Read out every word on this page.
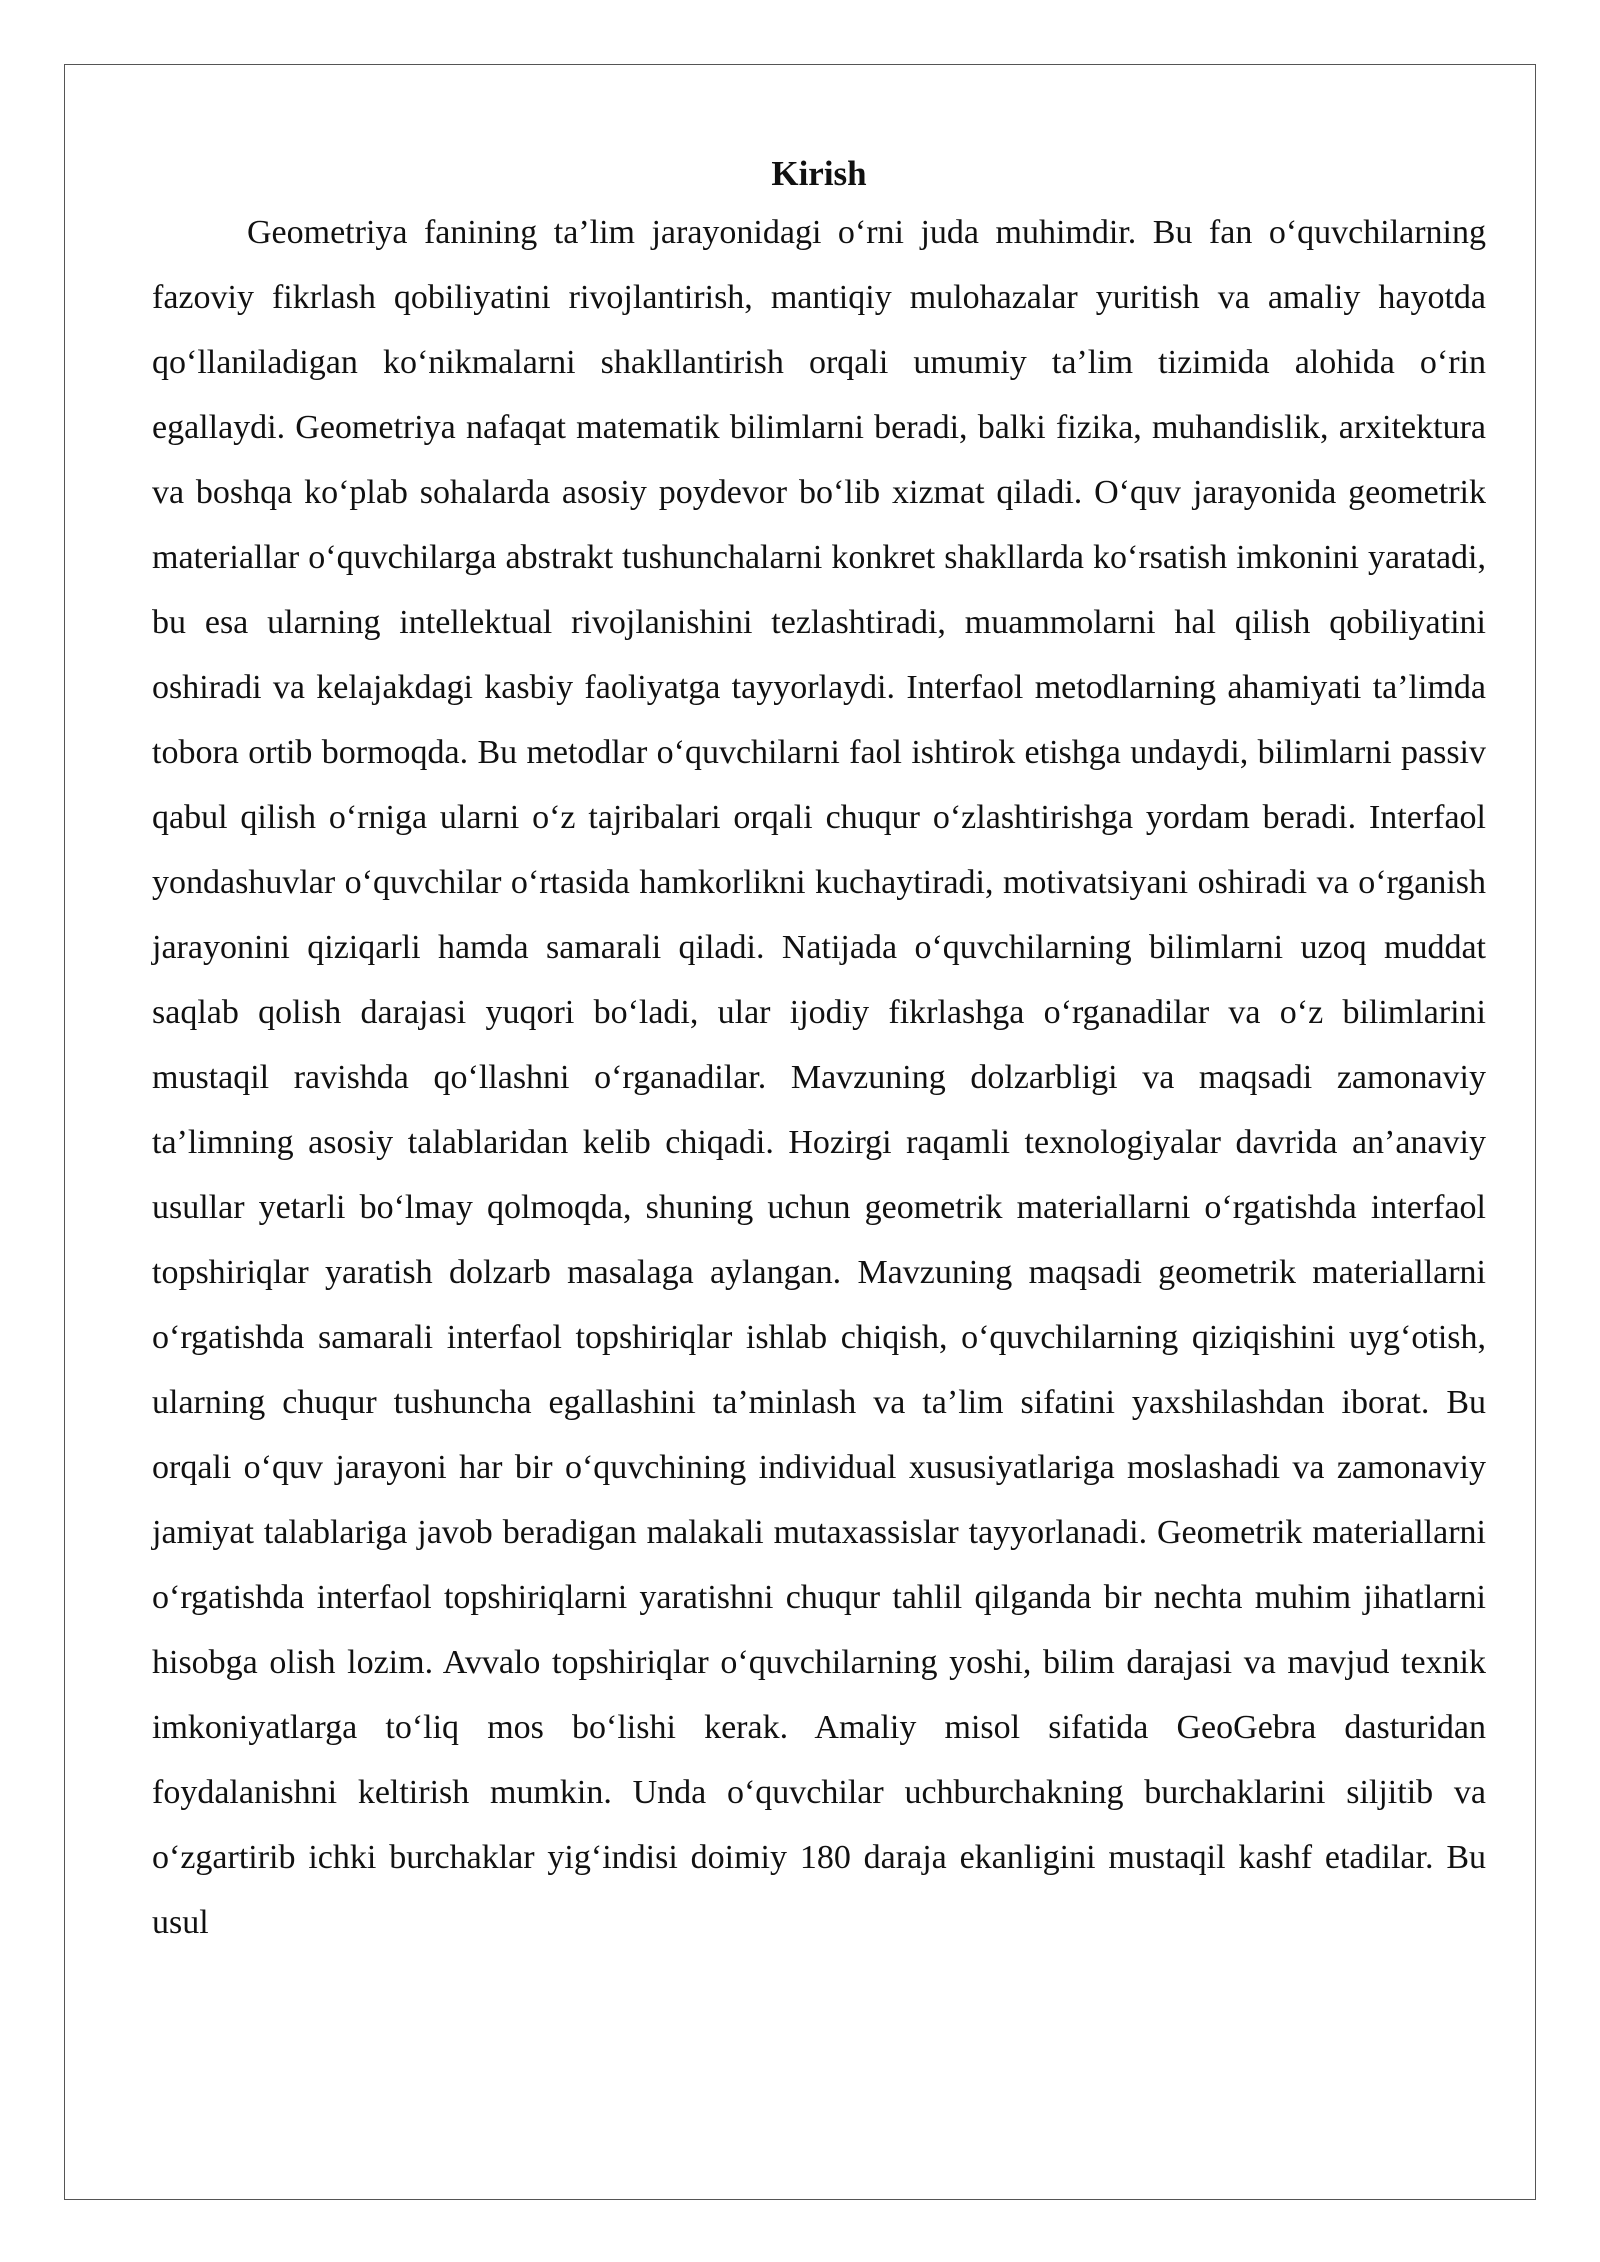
Kirish

Geometriya fanining ta’lim jarayonidagi o‘rni juda muhimdir. Bu fan o‘quvchilarning fazoviy fikrlash qobiliyatini rivojlantirish, mantiqiy mulohazalar yuritish va amaliy hayotda qo‘llaniladigan ko‘nikmalarni shakllantirish orqali umumiy ta’lim tizimida alohida o‘rin egallaydi. Geometriya nafaqat matematik bilimlarni beradi, balki fizika, muhandislik, arxitektura va boshqa ko‘plab sohalarda asosiy poydevor bo‘lib xizmat qiladi. O‘quv jarayonida geometrik materiallar o‘quvchilarga abstrakt tushunchalarni konkret shakllarda ko‘rsatish imkonini yaratadi, bu esa ularning intellektual rivojlanishini tezlashtiradi, muammolarni hal qilish qobiliyatini oshiradi va kelajakdagi kasbiy faoliyatga tayyorlaydi. Interfaol metodlarning ahamiyati ta’limda tobora ortib bormoqda. Bu metodlar o‘quvchilarni faol ishtirok etishga undaydi, bilimlarni passiv qabul qilish o‘rniga ularni o‘z tajribalari orqali chuqur o‘zlashtirishga yordam beradi. Interfaol yondashuvlar o‘quvchilar o‘rtasida hamkorlikni kuchaytiradi, motivatsiyani oshiradi va o‘rganish jarayonini qiziqarli hamda samarali qiladi. Natijada o‘quvchilarning bilimlarni uzoq muddat saqlab qolish darajasi yuqori bo‘ladi, ular ijodiy fikrlashga o‘rganadilar va o‘z bilimlarini mustaqil ravishda qo‘llashni o‘rganadilar. Mavzuning dolzarbligi va maqsadi zamonaviy ta’limning asosiy talablaridan kelib chiqadi. Hozirgi raqamli texnologiyalar davrida an’anaviy usullar yetarli bo‘lmay qolmoqda, shuning uchun geometrik materiallarni o‘rgatishda interfaol topshiriqlar yaratish dolzarb masalaga aylangan. Mavzuning maqsadi geometrik materiallarni o‘rgatishda samarali interfaol topshiriqlar ishlab chiqish, o‘quvchilarning qiziqishini uyg‘otish, ularning chuqur tushuncha egallashini ta’minlash va ta’lim sifatini yaxshilashdan iborat. Bu orqali o‘quv jarayoni har bir o‘quvchining individual xususiyatlariga moslashadi va zamonaviy jamiyat talablariga javob beradigan malakali mutaxassislar tayyorlanadi. Geometrik materiallarni o‘rgatishda interfaol topshiriqlarni yaratishni chuqur tahlil qilganda bir nechta muhim jihatlarni hisobga olish lozim. Avvalo topshiriqlar o‘quvchilarning yoshi, bilim darajasi va mavjud texnik imkoniyatlarga to‘liq mos bo‘lishi kerak. Amaliy misol sifatida GeoGebra dasturidan foydalanishni keltirish mumkin. Unda o‘quvchilar uchburchakning burchaklarini siljitib va o‘zgartirib ichki burchaklar yig‘indisi doimiy 180 daraja ekanligini mustaqil kashf etadilar. Bu usul
